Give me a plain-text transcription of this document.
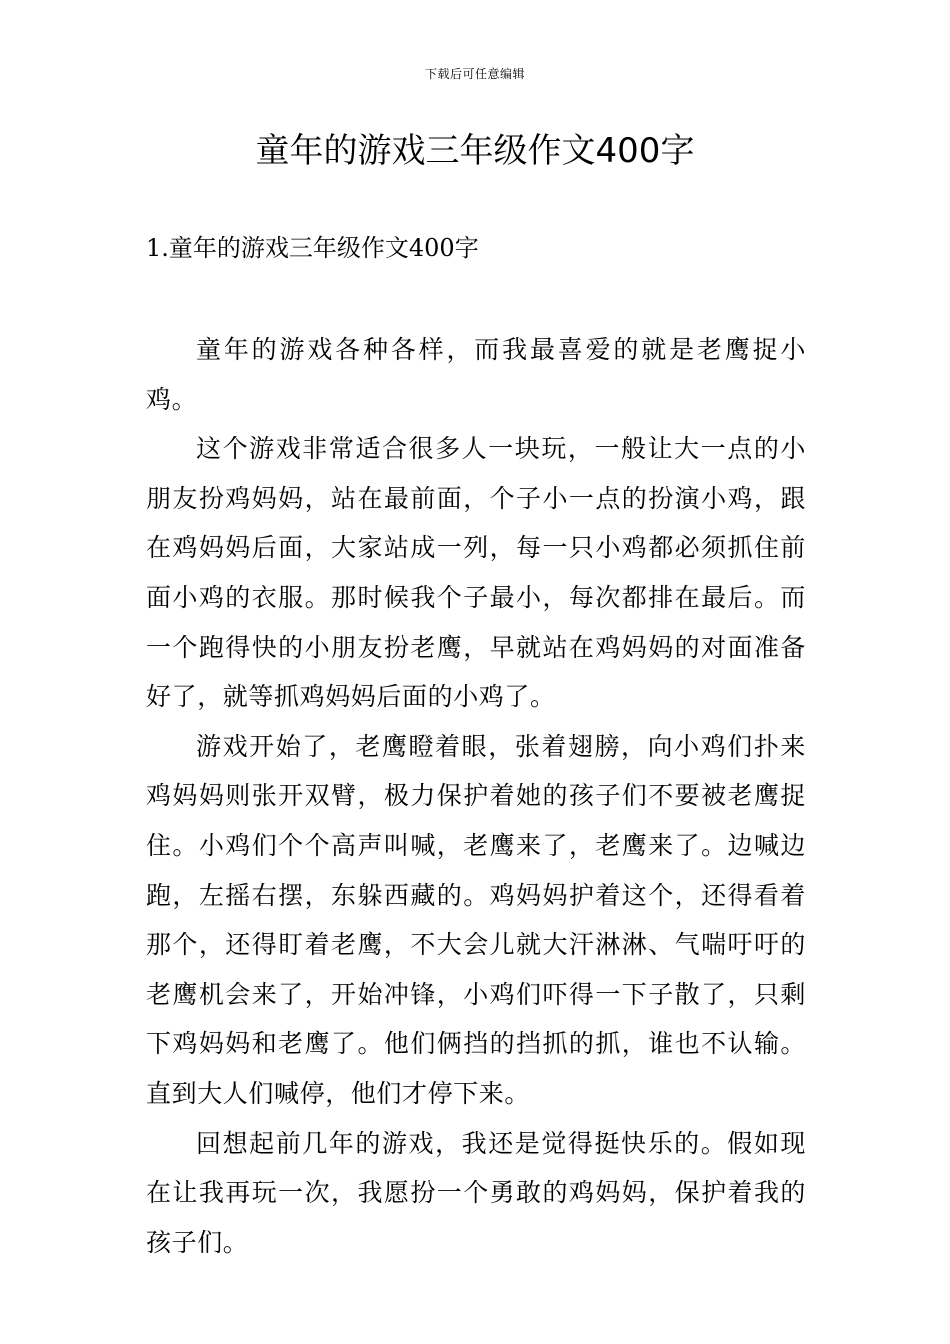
下载后可任意编辑
童年的游戏三年级作文400字
1.童年的游戏三年级作文400字

童年的游戏各种各样，而我最喜爱的就是老鹰捉小鸡。

这个游戏非常适合很多人一块玩，一般让大一点的小朋友扮鸡妈妈，站在最前面，个子小一点的扮演小鸡，跟在鸡妈妈后面，大家站成一列，每一只小鸡都必须抓住前面小鸡的衣服。那时候我个子最小，每次都排在最后。而一个跑得快的小朋友扮老鹰，早就站在鸡妈妈的对面准备好了，就等抓鸡妈妈后面的小鸡了。

游戏开始了，老鹰瞪着眼，张着翅膀，向小鸡们扑来鸡妈妈则张开双臂，极力保护着她的孩子们不要被老鹰捉住。小鸡们个个高声叫喊，老鹰来了，老鹰来了。边喊边跑，左摇右摆，东躲西藏的。鸡妈妈护着这个，还得看着那个，还得盯着老鹰，不大会儿就大汗淋淋、气喘吁吁的老鹰机会来了，开始冲锋，小鸡们吓得一下子散了，只剩下鸡妈妈和老鹰了。他们俩挡的挡抓的抓，谁也不认输。直到大人们喊停，他们才停下来。

回想起前几年的游戏，我还是觉得挺快乐的。假如现在让我再玩一次，我愿扮一个勇敢的鸡妈妈，保护着我的孩子们。
